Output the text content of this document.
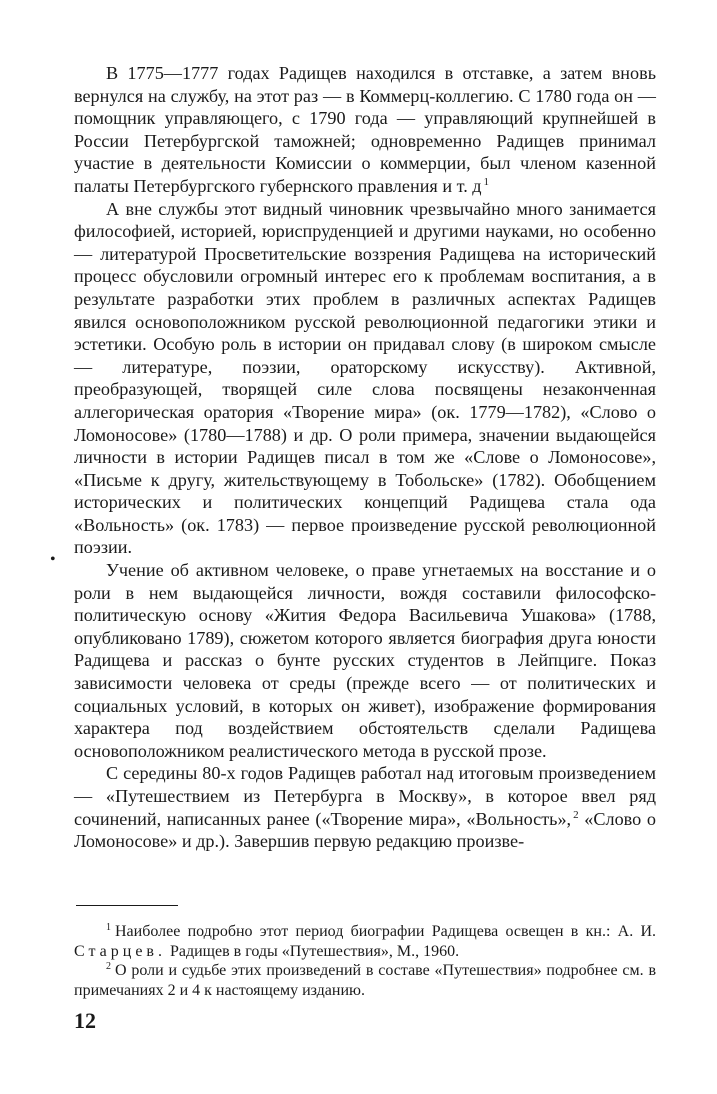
В 1775—1777 годах Радищев находился в отставке, а затем вновь вернулся на службу, на этот раз — в Коммерц-коллегию. С 1780 года он — помощник управляющего, с 1790 года — управляющий крупнейшей в России Петербургской таможней; одновременно Радищев принимал участие в деятельности Комиссии о коммерции, был членом казенной палаты Петербургского губернского правления и т. д $^1$

А вне службы этот видный чиновник чрезвычайно много занимается философией, историей, юриспруденцией и другими науками, но особенно — литературой Просветительские воззрения Радищева на исторический процесс обусловили огромный интерес его к проблемам воспитания, а в результате разработки этих проблем в различных аспектах Радищев явился основоположником русской революционной педагогики этики и эстетики. Особую роль в истории он придавал слову (в широком смысле — литературе, поэзии, ораторскому искусству). Активной, преобразующей, творящей силе слова посвящены незаконченная аллегорическая оратория «Творение мира» (ок. 1779—1782), «Слово о Ломоносове» (1780—1788) и др. О роли примера, значении выдающейся личности в истории Радищев писал в том же «Слове о Ломоносове», «Письме к другу, жительствующему в Тобольске» (1782). Обобщением исторических и политических концепций Радищева стала ода «Вольность» (ок. 1783) — первое произведение русской революционной поэзии.

Учение об активном человеке, о праве угнетаемых на восстание и о роли в нем выдающейся личности, вождя составили философско-политическую основу «Жития Федора Васильевича Ушакова» (1788, опубликовано 1789), сюжетом которого является биография друга юности Радищева и рассказ о бунте русских студентов в Лейпциге. Показ зависимости человека от среды (прежде всего — от политических и социальных условий, в которых он живет), изображение формирования характера под воздействием обстоятельств сделали Радищева основоположником реалистического метода в русской прозе.

С середины 80-х годов Радищев работал над итоговым произведением — «Путешествием из Петербурга в Москву», в которое ввел ряд сочинений, написанных ранее («Творение мира», «Вольность», $^2$ «Слово о Ломоносове» и др.). Завершив первую редакцию произве-

•

$^1$ Наиболее подробно этот период биографии Радищева освещен в кн.: А. И. Старцев. Радищев в годы «Путешествия», М., 1960.

$^2$ О роли и судьбе этих произведений в составе «Путешествия» подробнее см. в примечаниях 2 и 4 к настоящему изданию.

12
